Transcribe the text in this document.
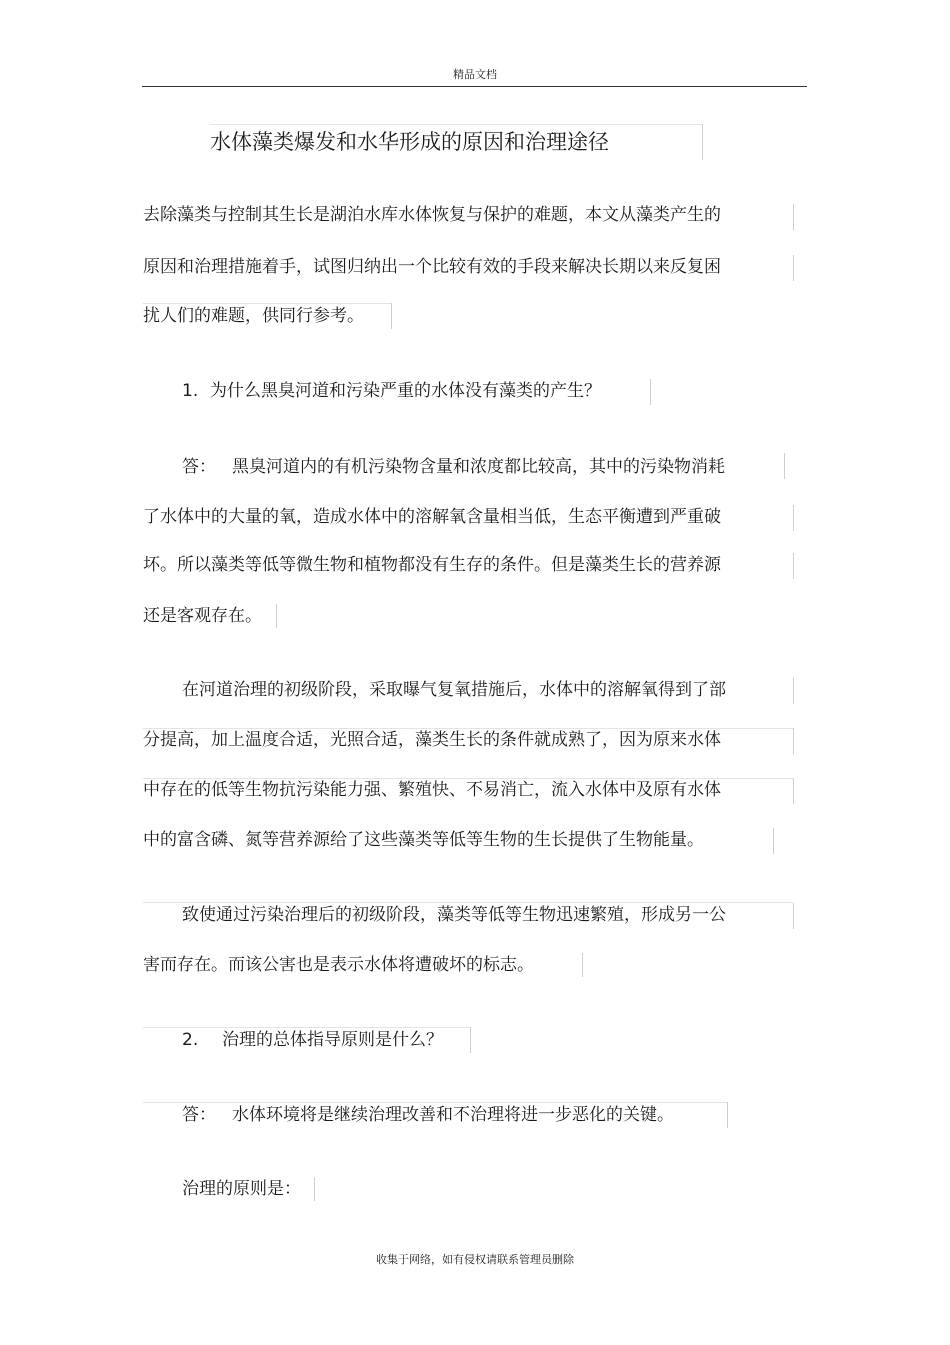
精品文档
水体藻类爆发和水华形成的原因和治理途径
去除藻类与控制其生长是湖泊水库水体恢复与保护的难题，本文从藻类产生的
原因和治理措施着手，试图归纳出一个比较有效的手段来解决长期以来反复困
扰人们的难题，供同行参考。
1. 为什么黑臭河道和污染严重的水体没有藻类的产生？
答： 黑臭河道内的有机污染物含量和浓度都比较高，其中的污染物消耗
了水体中的大量的氧，造成水体中的溶解氧含量相当低，生态平衡遭到严重破
坏。所以藻类等低等微生物和植物都没有生存的条件。但是藻类生长的营养源
还是客观存在。
在河道治理的初级阶段，采取曝气复氧措施后，水体中的溶解氧得到了部
分提高，加上温度合适，光照合适，藻类生长的条件就成熟了，因为原来水体
中存在的低等生物抗污染能力强、繁殖快、不易消亡，流入水体中及原有水体
中的富含磷、氮等营养源给了这些藻类等低等生物的生长提供了生物能量。
致使通过污染治理后的初级阶段，藻类等低等生物迅速繁殖，形成另一公
害而存在。而该公害也是表示水体将遭破坏的标志。
2. 治理的总体指导原则是什么？
答： 水体环境将是继续治理改善和不治理将进一步恶化的关键。
治理的原则是：
收集于网络，如有侵权请联系管理员删除
